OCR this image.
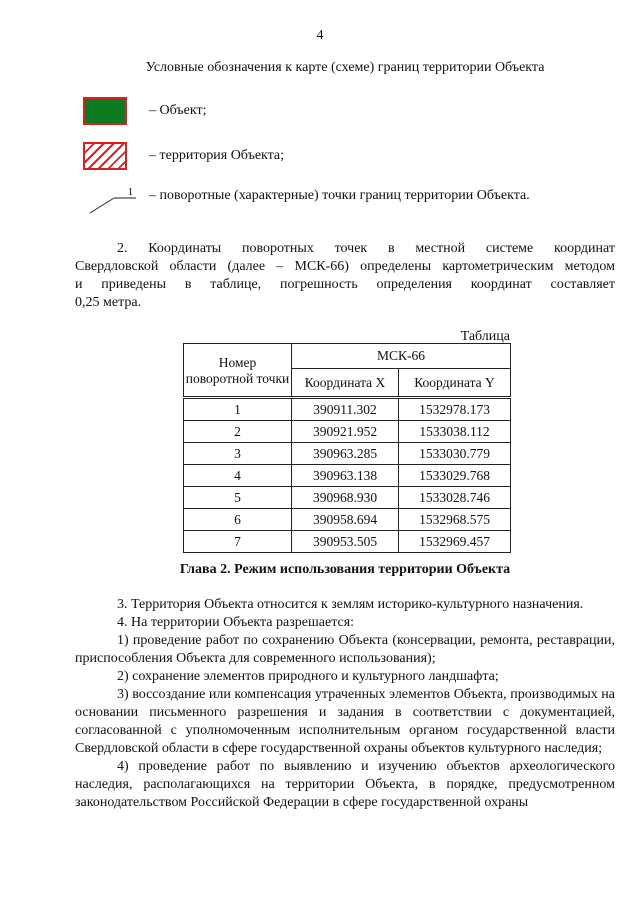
4
Условные обозначения к карте (схеме) границ территории Объекта
– Объект;
– территория Объекта;
1 – поворотные (характерные) точки границ территории Объекта.
2. Координаты поворотных точек в местной системе координат
Свердловской области (далее – МСК-66) определены картометрическим методом
и приведены в таблице, погрешность определения координат составляет
0,25 метра.
Таблица
Номер поворотной точки	МСК-66	
	Координата X	Координата Y
1	390911.302	1532978.173
2	390921.952	1533038.112
3	390963.285	1533030.779
4	390963.138	1533029.768
5	390968.930	1533028.746
6	390958.694	1532968.575
7	390953.505	1532969.457
Глава 2. Режим использования территории Объекта
3. Территория Объекта относится к землям историко-культурного назначения.
4. На территории Объекта разрешается:
1) проведение работ по сохранению Объекта (консервации, ремонта, реставрации, приспособления Объекта для современного использования);
2) сохранение элементов природного и культурного ландшафта;
3) воссоздание или компенсация утраченных элементов Объекта, производимых на основании письменного разрешения и задания в соответствии с документацией, согласованной с уполномоченным исполнительным органом государственной власти Свердловской области в сфере государственной охраны объектов культурного наследия;
4) проведение работ по выявлению и изучению объектов археологического наследия, располагающихся на территории Объекта, в порядке, предусмотренном законодательством Российской Федерации в сфере государственной охраны
